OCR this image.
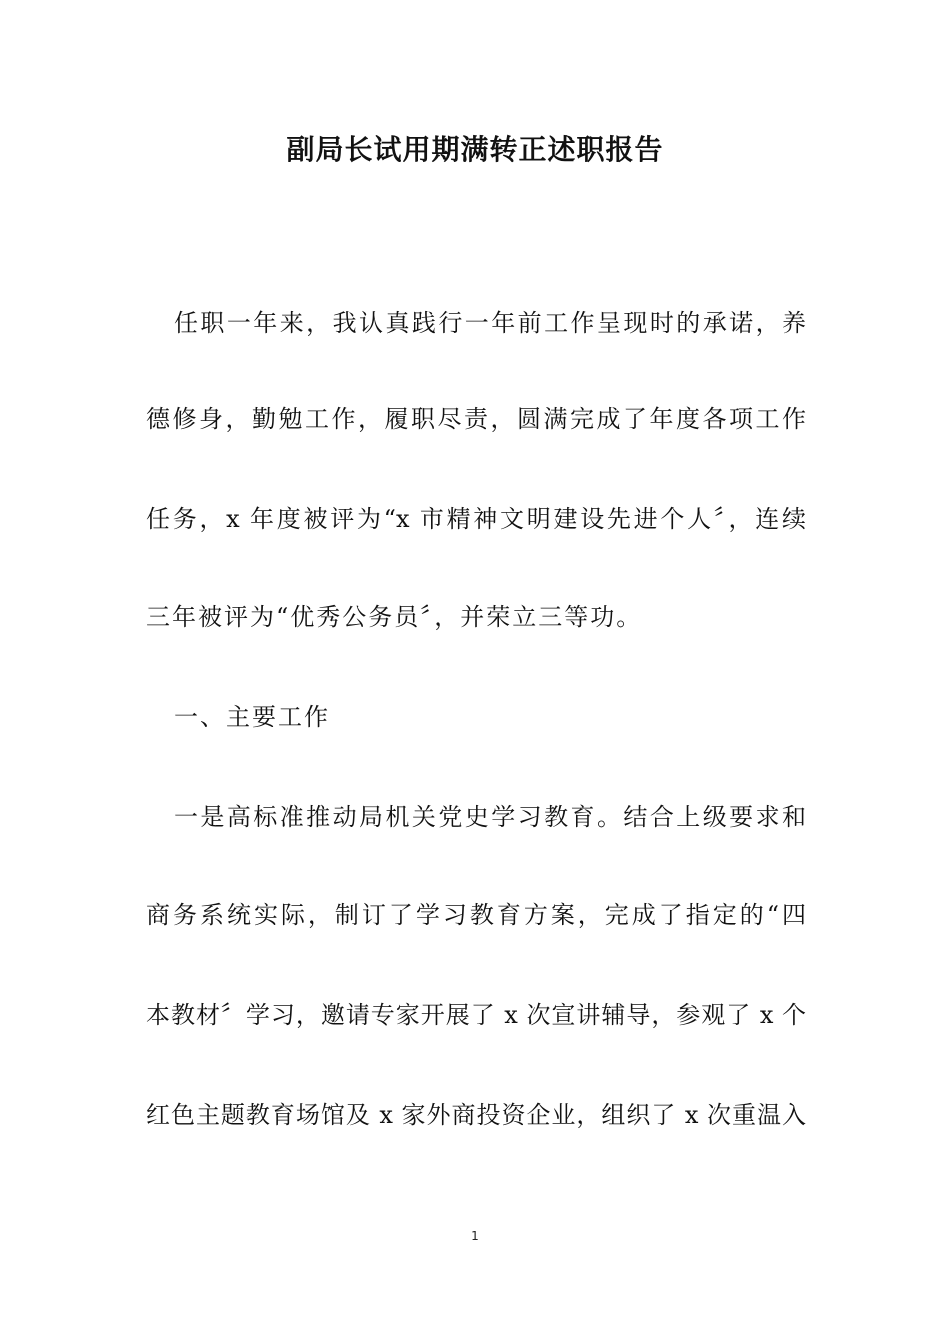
副局长试用期满转正述职报告
任职一年来，我认真践行一年前工作呈现时的承诺，养
德修身，勤勉工作，履职尽责，圆满完成了年度各项工作
任务，x 年度被评为“x 市精神文明建设先进个人〞，连续
三年被评为“优秀公务员〞，并荣立三等功。
一、主要工作
一是高标准推动局机关党史学习教育。结合上级要求和
商务系统实际，制订了学习教育方案，完成了指定的“四
本教材〞学习，邀请专家开展了 x 次宣讲辅导，参观了 x 个
红色主题教育场馆及 x 家外商投资企业，组织了 x 次重温入
1
